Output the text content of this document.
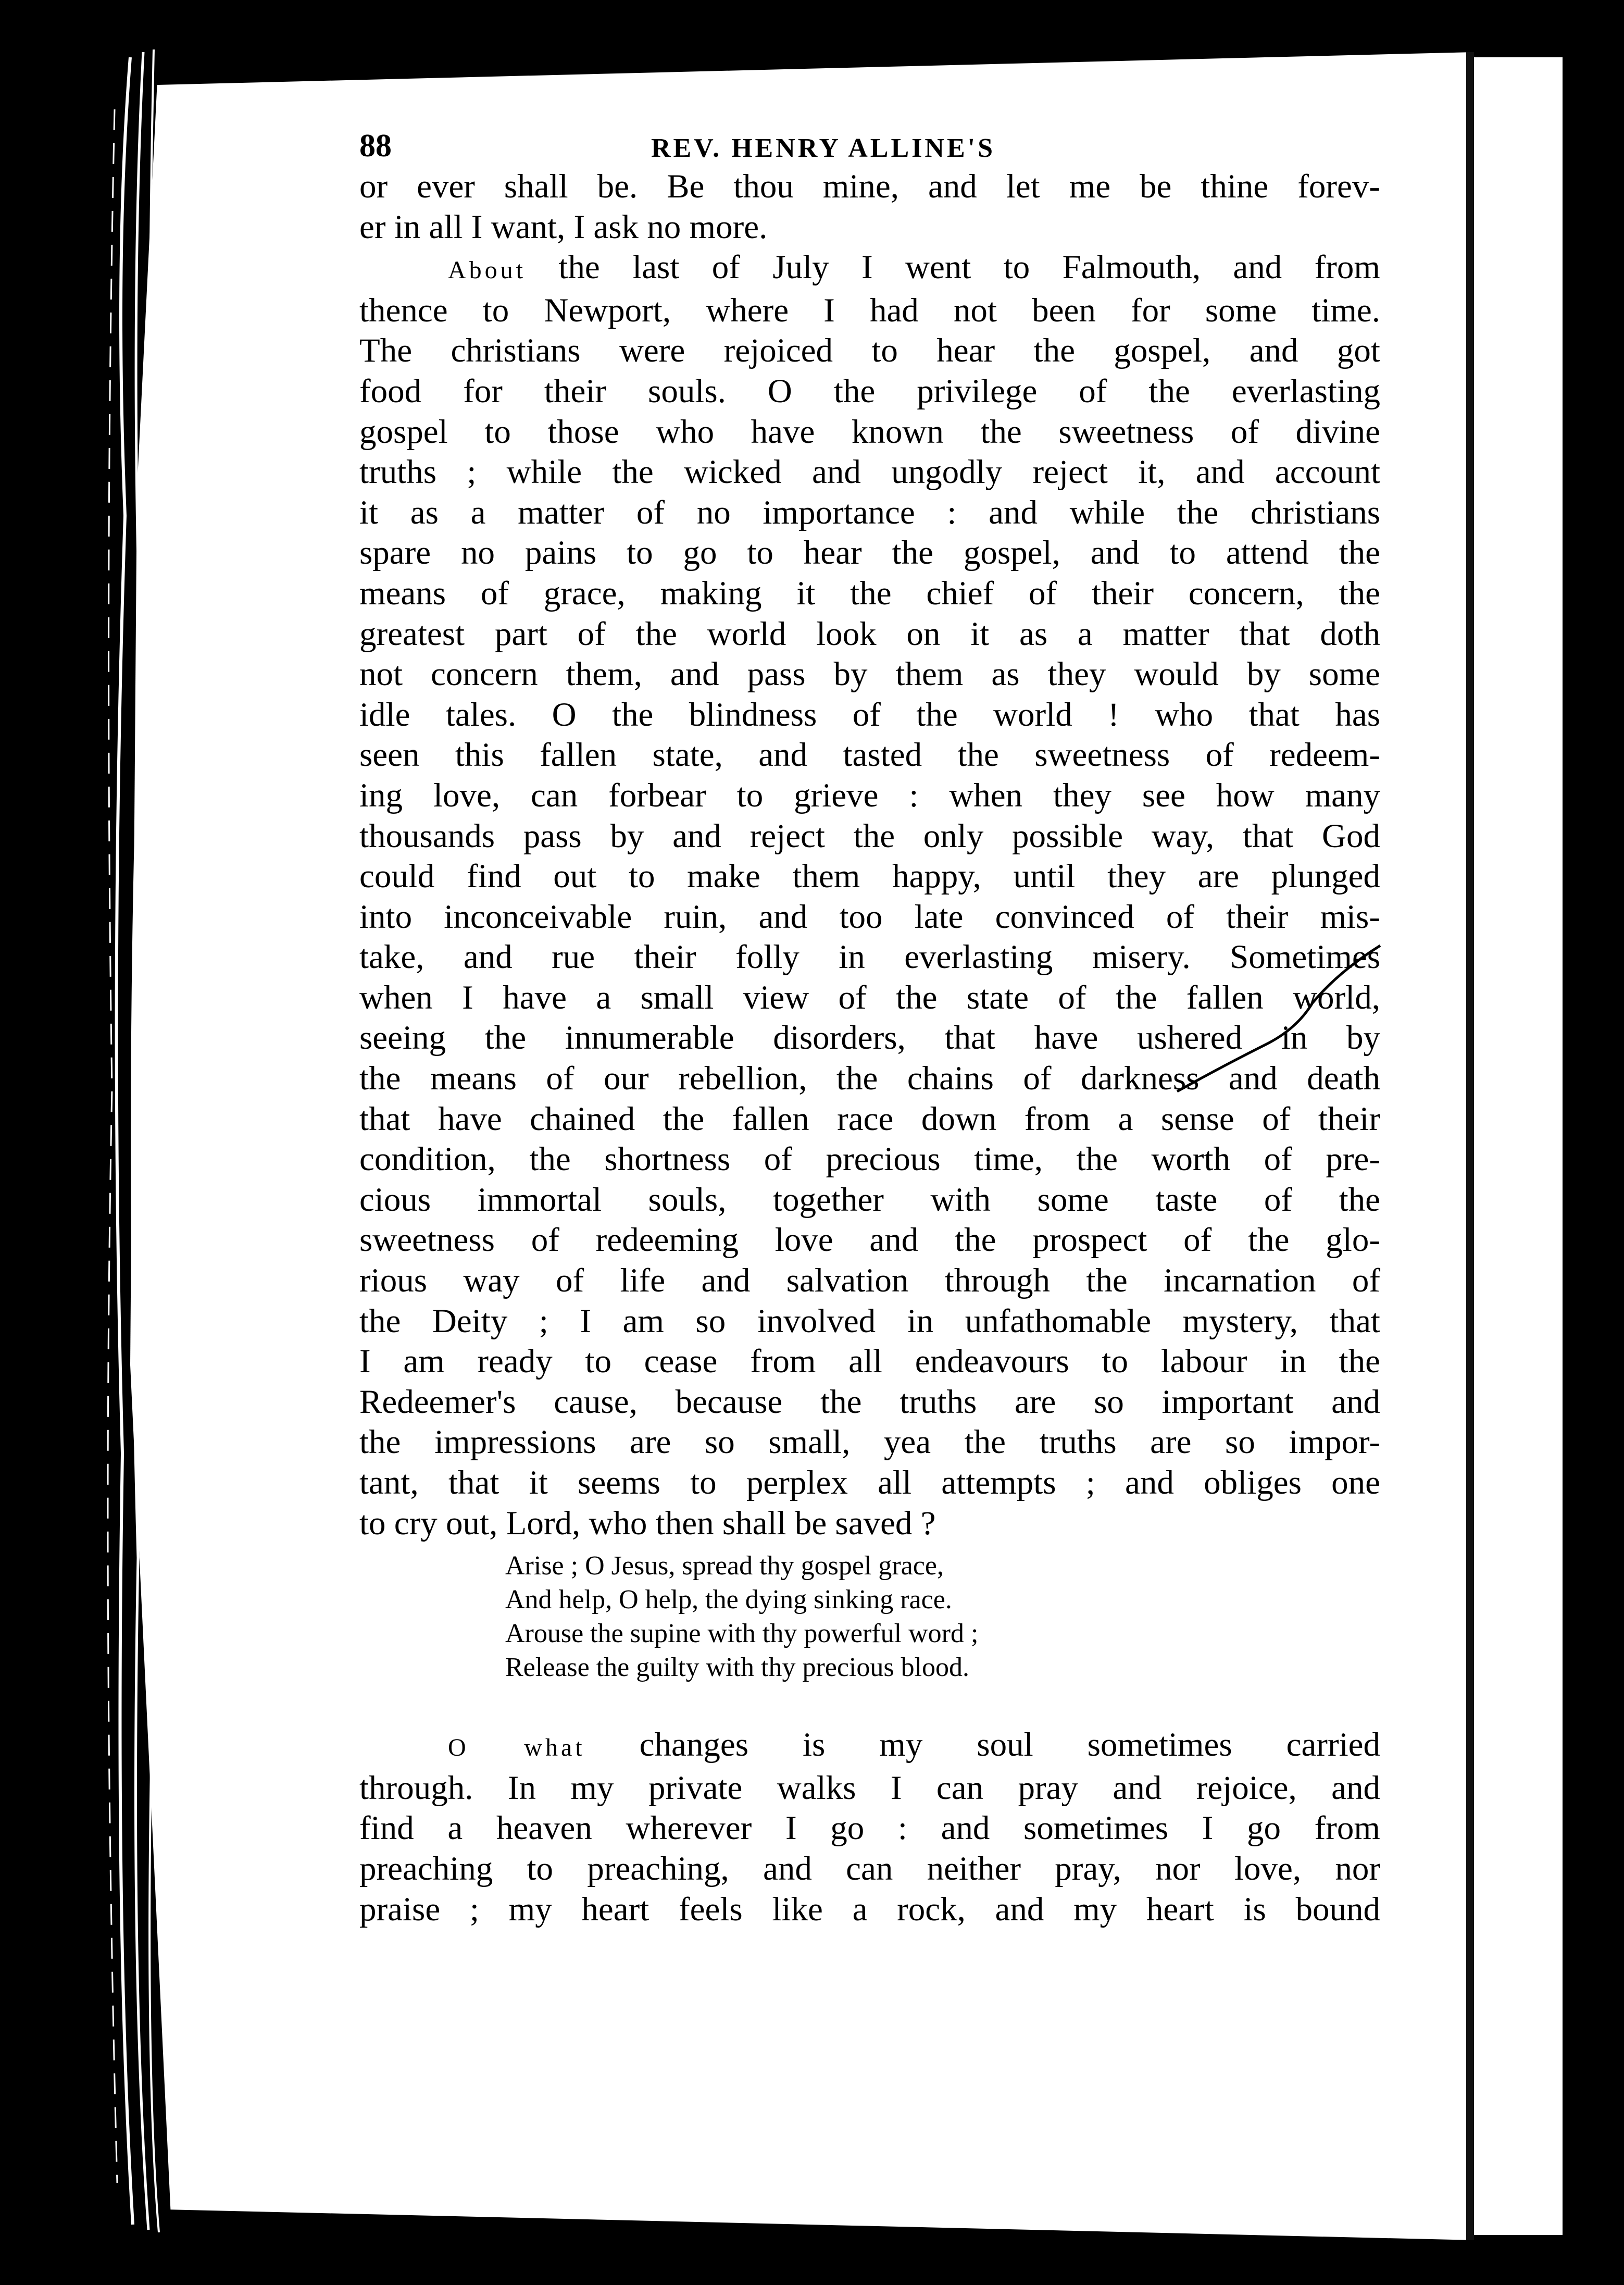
88	REV. HENRY ALLINE'S

or ever shall be. Be thou mine, and let me be thine forev-

er in all I want, I ask no more.

About the last of July I went to Falmouth, and from

thence to Newport, where I had not been for some time.

The christians were rejoiced to hear the gospel, and got

food for their souls. O the privilege of the everlasting

gospel to those who have known the sweetness of divine

truths ; while the wicked and ungodly reject it, and account

it as a matter of no importance : and while the christians

spare no pains to go to hear the gospel, and to attend the

means of grace, making it the chief of their concern, the

greatest part of the world look on it as a matter that doth

not concern them, and pass by them as they would by some

idle tales. O the blindness of the world ! who that has

seen this fallen state, and tasted the sweetness of redeem-

ing love, can forbear to grieve : when they see how many

thousands pass by and reject the only possible way, that God

could find out to make them happy, until they are plunged

into inconceivable ruin, and too late convinced of their mis-

take, and rue their folly in everlasting misery. Sometimes

when I have a small view of the state of the fallen world,

seeing the innumerable disorders, that have ushered in by

the means of our rebellion, the chains of darkness and death

that have chained the fallen race down from a sense of their

condition, the shortness of precious time, the worth of pre-

cious immortal souls, together with some taste of the

sweetness of redeeming love and the prospect of the glo-

rious way of life and salvation through the incarnation of

the Deity ; I am so involved in unfathomable mystery, that

I am ready to cease from all endeavours to labour in the

Redeemer's cause, because the truths are so important and

the impressions are so small, yea the truths are so impor-

tant, that it seems to perplex all attempts ; and obliges one

to cry out, Lord, who then shall be saved ?

Arise ; O Jesus, spread thy gospel grace,
And help, O help, the dying sinking race.
Arouse the supine with thy powerful word ;
Release the guilty with thy precious blood.

O what changes is my soul sometimes carried

through. In my private walks I can pray and rejoice, and

find a heaven wherever I go : and sometimes I go from

preaching to preaching, and can neither pray, nor love, nor

praise ; my heart feels like a rock, and my heart is bound
